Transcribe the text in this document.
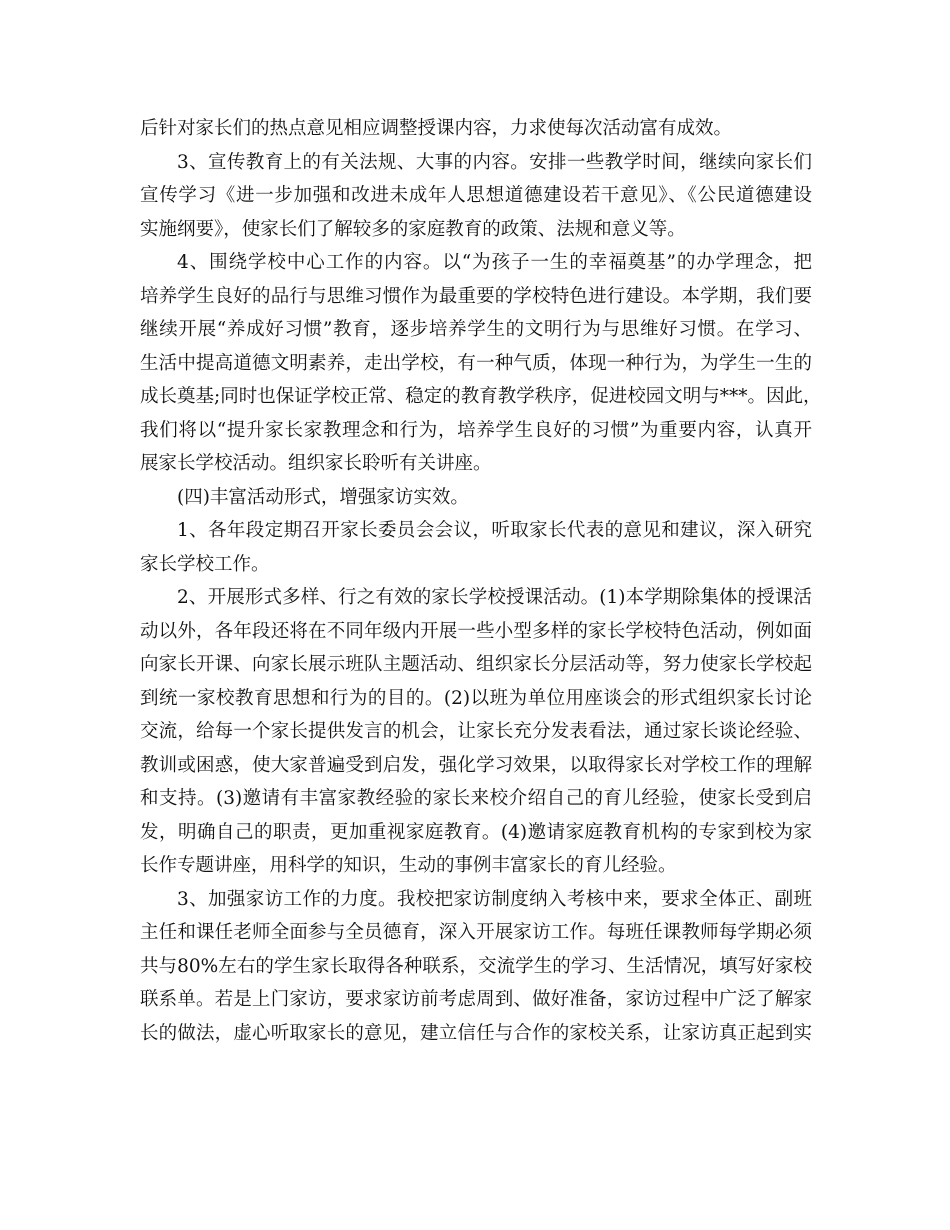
后针对家长们的热点意见相应调整授课内容，力求使每次活动富有成效。
3、宣传教育上的有关法规、大事的内容。安排一些教学时间，继续向家长们
宣传学习《进一步加强和改进未成年人思想道德建设若干意见》、《公民道德建设
实施纲要》，使家长们了解较多的家庭教育的政策、法规和意义等。
4、围绕学校中心工作的内容。以“为孩子一生的幸福奠基”的办学理念，把
培养学生良好的品行与思维习惯作为最重要的学校特色进行建设。本学期，我们要
继续开展“养成好习惯”教育，逐步培养学生的文明行为与思维好习惯。在学习、
生活中提高道德文明素养，走出学校，有一种气质，体现一种行为，为学生一生的
成长奠基;同时也保证学校正常、稳定的教育教学秩序，促进校园文明与***。因此，
我们将以“提升家长家教理念和行为，培养学生良好的习惯”为重要内容，认真开
展家长学校活动。组织家长聆听有关讲座。
(四)丰富活动形式，增强家访实效。
1、各年段定期召开家长委员会会议，听取家长代表的意见和建议，深入研究
家长学校工作。
2、开展形式多样、行之有效的家长学校授课活动。(1)本学期除集体的授课活
动以外，各年段还将在不同年级内开展一些小型多样的家长学校特色活动，例如面
向家长开课、向家长展示班队主题活动、组织家长分层活动等，努力使家长学校起
到统一家校教育思想和行为的目的。(2)以班为单位用座谈会的形式组织家长讨论
交流，给每一个家长提供发言的机会，让家长充分发表看法，通过家长谈论经验、
教训或困惑，使大家普遍受到启发，强化学习效果，以取得家长对学校工作的理解
和支持。(3)邀请有丰富家教经验的家长来校介绍自己的育儿经验，使家长受到启
发，明确自己的职责，更加重视家庭教育。(4)邀请家庭教育机构的专家到校为家
长作专题讲座，用科学的知识，生动的事例丰富家长的育儿经验。
3、加强家访工作的力度。我校把家访制度纳入考核中来，要求全体正、副班
主任和课任老师全面参与全员德育，深入开展家访工作。每班任课教师每学期必须
共与80%左右的学生家长取得各种联系，交流学生的学习、生活情况，填写好家校
联系单。若是上门家访，要求家访前考虑周到、做好准备，家访过程中广泛了解家
长的做法，虚心听取家长的意见，建立信任与合作的家校关系，让家访真正起到实
